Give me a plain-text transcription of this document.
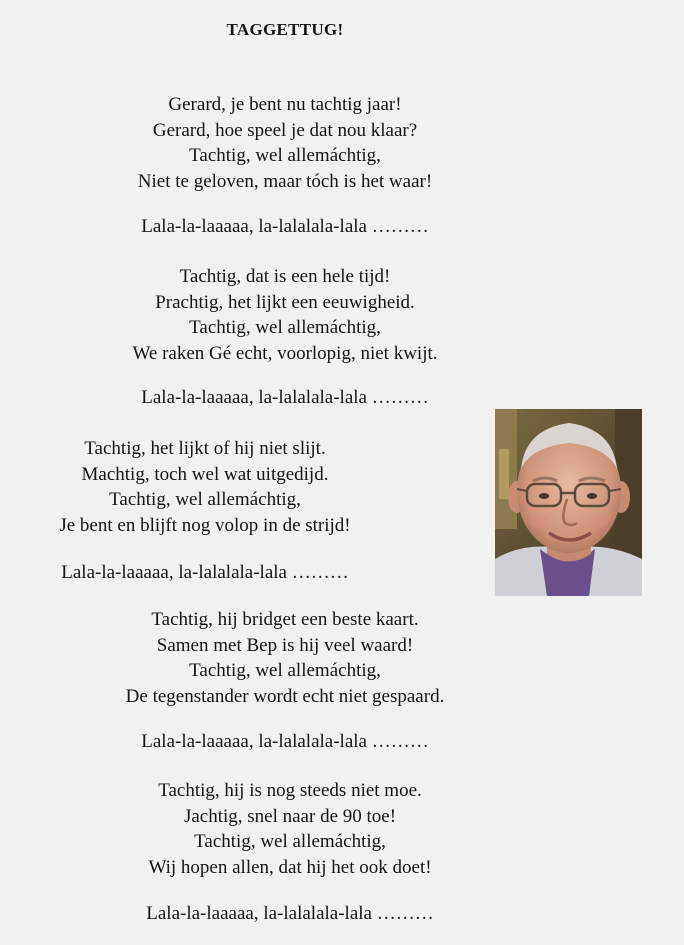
TAGGETTUG!
Gerard, je bent nu tachtig jaar!
Gerard, hoe speel je dat nou klaar?
Tachtig, wel allemáchtig,
Niet te geloven, maar tóch is het waar!
Lala-la-laaaaa, la-lalalala-lala ………
Tachtig, dat is een hele tijd!
Prachtig, het lijkt een eeuwigheid.
Tachtig, wel allemáchtig,
We raken Gé echt, voorlopig, niet kwijt.
Lala-la-laaaaa, la-lalalala-lala ………
Tachtig, het lijkt of hij niet slijt.
Machtig, toch wel wat uitgedijd.
Tachtig, wel allemáchtig,
Je bent en blijft nog volop in de strijd!
Lala-la-laaaaa, la-lalalala-lala ………
Tachtig, hij bridget een beste kaart.
Samen met Bep is hij veel waard!
Tachtig, wel allemáchtig,
De tegenstander wordt echt niet gespaard.
Lala-la-laaaaa, la-lalalala-lala ………
Tachtig, hij is nog steeds niet moe.
Jachtig, snel naar de 90 toe!
Tachtig, wel allemáchtig,
Wij hopen allen, dat hij het ook doet!
Lala-la-laaaaa, la-lalalala-lala ………
